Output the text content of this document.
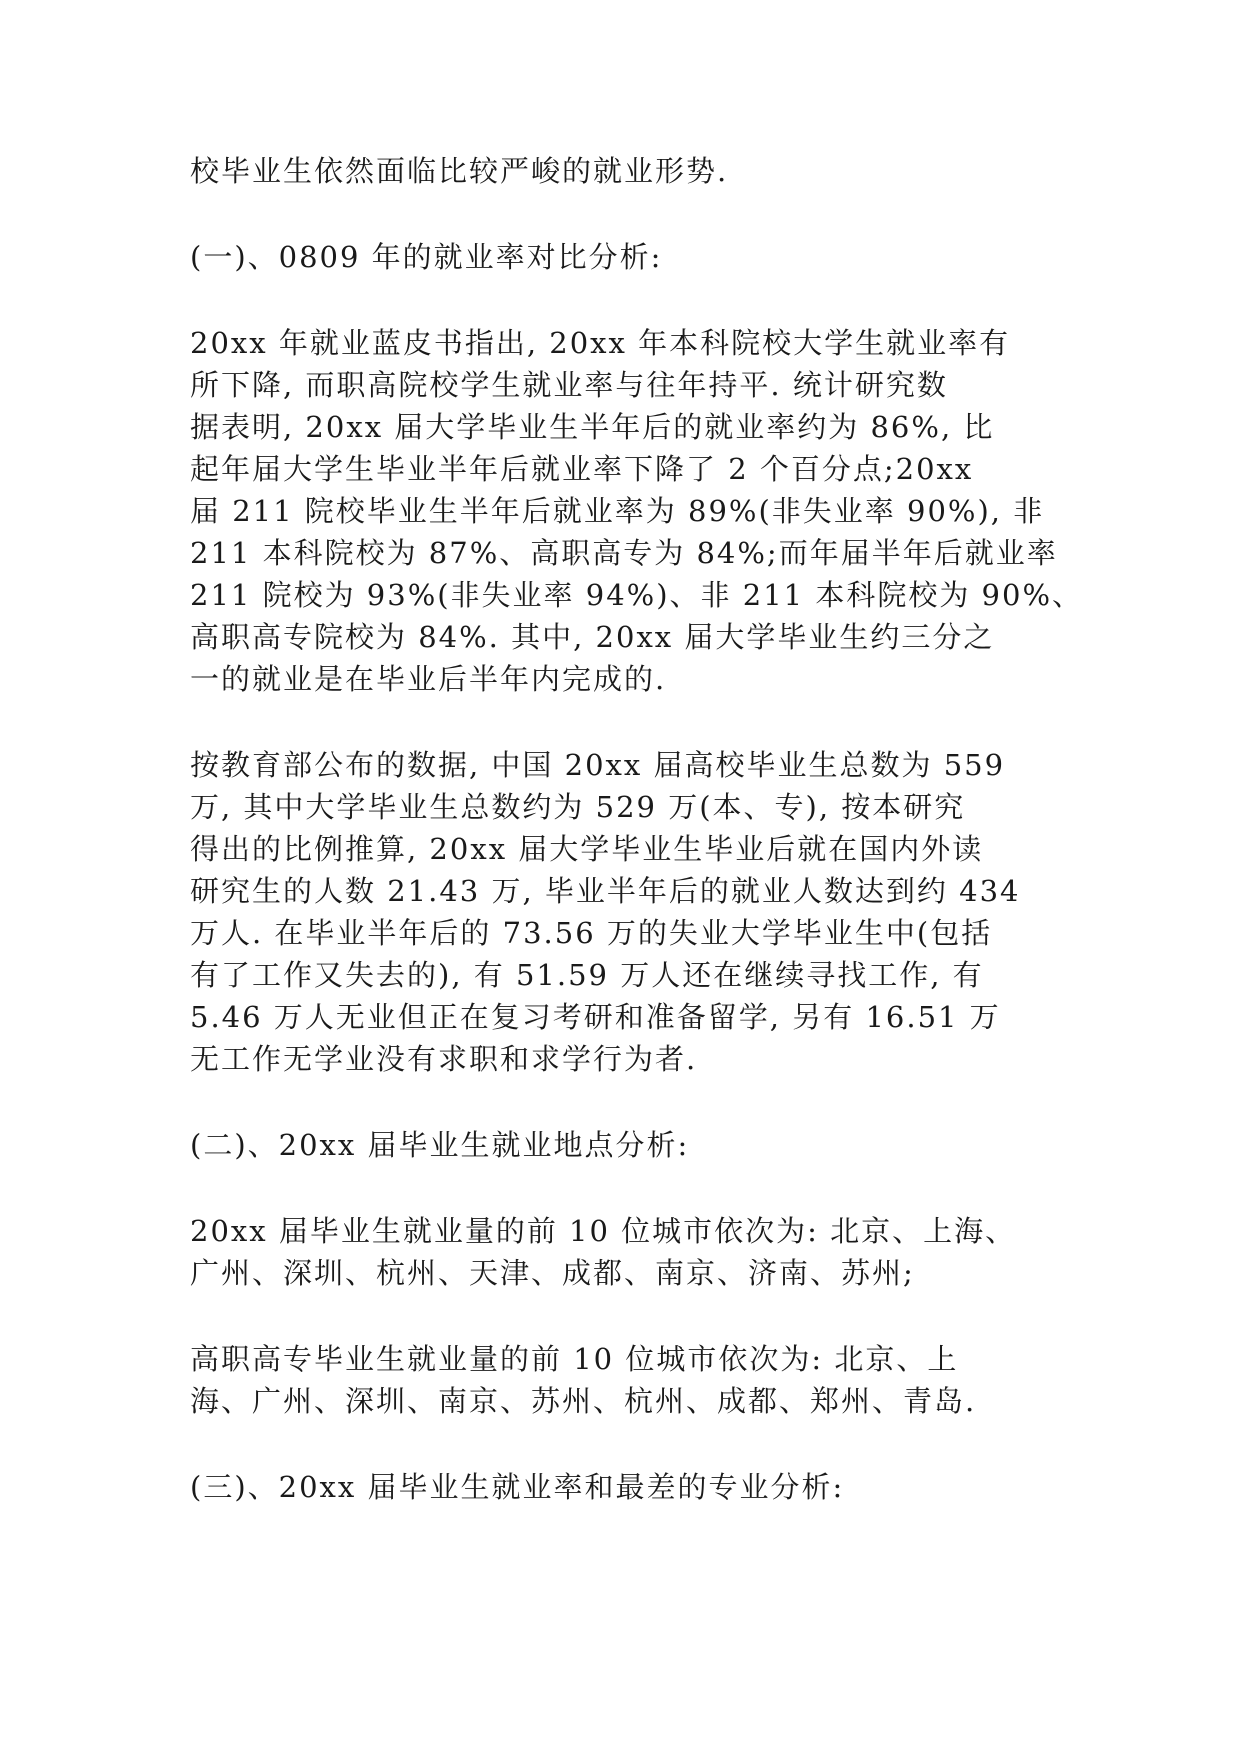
校毕业生依然面临比较严峻的就业形势.
(一)、0809 年的就业率对比分析:
20xx 年就业蓝皮书指出, 20xx 年本科院校大学生就业率有
所下降, 而职高院校学生就业率与往年持平. 统计研究数
据表明, 20xx 届大学毕业生半年后的就业率约为 86%, 比
起年届大学生毕业半年后就业率下降了 2 个百分点;20xx
届 211 院校毕业生半年后就业率为 89%(非失业率 90%), 非
211 本科院校为 87%、高职高专为 84%;而年届半年后就业率
211 院校为 93%(非失业率 94%)、非 211 本科院校为 90%、
高职高专院校为 84%. 其中, 20xx 届大学毕业生约三分之
一的就业是在毕业后半年内完成的.
按教育部公布的数据, 中国 20xx 届高校毕业生总数为 559
万, 其中大学毕业生总数约为 529 万(本、专), 按本研究
得出的比例推算, 20xx 届大学毕业生毕业后就在国内外读
研究生的人数 21.43 万, 毕业半年后的就业人数达到约 434
万人. 在毕业半年后的 73.56 万的失业大学毕业生中(包括
有了工作又失去的), 有 51.59 万人还在继续寻找工作, 有
5.46 万人无业但正在复习考研和准备留学, 另有 16.51 万
无工作无学业没有求职和求学行为者.
(二)、20xx 届毕业生就业地点分析:
20xx 届毕业生就业量的前 10 位城市依次为: 北京、上海、
广州、深圳、杭州、天津、成都、南京、济南、苏州;
高职高专毕业生就业量的前 10 位城市依次为: 北京、上
海、广州、深圳、南京、苏州、杭州、成都、郑州、青岛.
(三)、20xx 届毕业生就业率和最差的专业分析:
